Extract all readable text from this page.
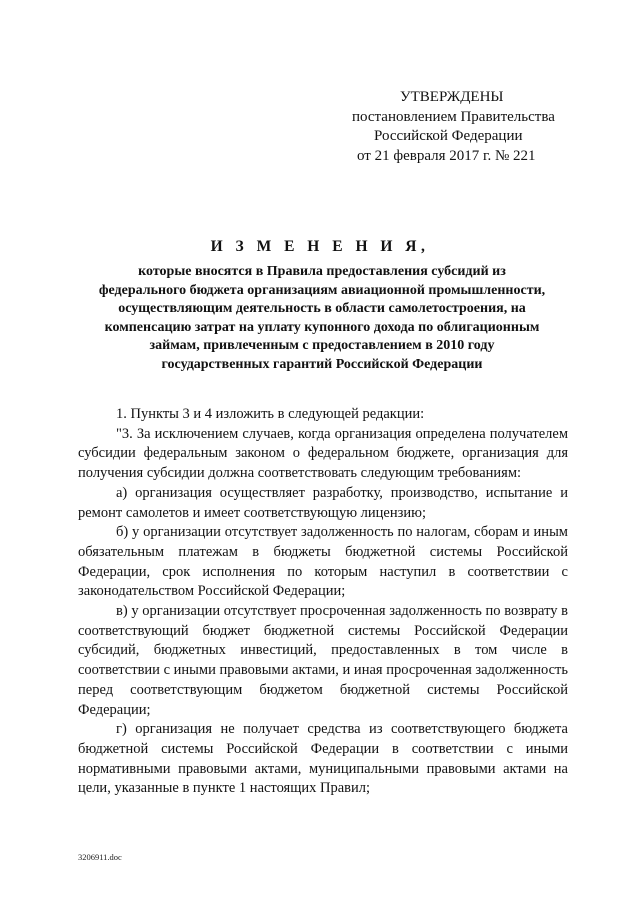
УТВЕРЖДЕНЫ
постановлением Правительства
Российской Федерации
от 21 февраля 2017 г. № 221
И З М Е Н Е Н И Я,
которые вносятся в Правила предоставления субсидий из
федерального бюджета организациям авиационной промышленности,
осуществляющим деятельность в области самолетостроения, на
компенсацию затрат на уплату купонного дохода по облигационным
займам, привлеченным с предоставлением в 2010 году
государственных гарантий Российской Федерации

1. Пункты 3 и 4 изложить в следующей редакции:

"3. За исключением случаев, когда организация определена получателем субсидии федеральным законом о федеральном бюджете, организация для получения субсидии должна соответствовать следующим требованиям:

а) организация осуществляет разработку, производство, испытание и ремонт самолетов и имеет соответствующую лицензию;

б) у организации отсутствует задолженность по налогам, сборам и иным обязательным платежам в бюджеты бюджетной системы Российской Федерации, срок исполнения по которым наступил в соответствии с законодательством Российской Федерации;

в) у организации отсутствует просроченная задолженность по возврату в соответствующий бюджет бюджетной системы Российской Федерации субсидий, бюджетных инвестиций, предоставленных в том числе в соответствии с иными правовыми актами, и иная просроченная задолженность перед соответствующим бюджетом бюджетной системы Российской Федерации;

г) организация не получает средства из соответствующего бюджета бюджетной системы Российской Федерации в соответствии с иными нормативными правовыми актами, муниципальными правовыми актами на цели, указанные в пункте 1 настоящих Правил;

3206911.doc
